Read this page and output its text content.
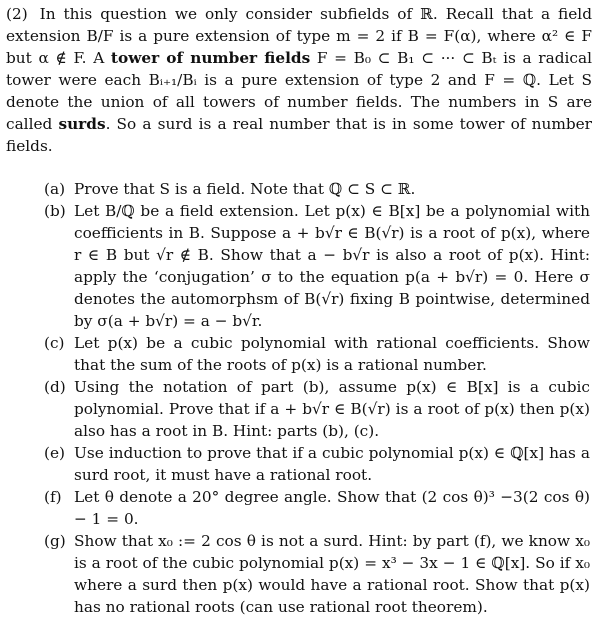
(2) In this question we only consider subfields of ℝ. Recall that a field extension B/F is a pure extension of type m = 2 if B = F(α), where α² ∈ F but α ∉ F. A tower of number fields F = B₀ ⊂ B₁ ⊂ ··· ⊂ Bₜ is a radical tower were each Bᵢ₊₁/Bᵢ is a pure extension of type 2 and F = ℚ. Let S denote the union of all towers of number fields. The numbers in S are called surds. So a surd is a real number that is in some tower of number fields.
(a) Prove that S is a field. Note that ℚ ⊂ S ⊂ ℝ.
(b) Let B/ℚ be a field extension. Let p(x) ∈ B[x] be a polynomial with coefficients in B. Suppose a + b√r ∈ B(√r) is a root of p(x), where r ∈ B but √r ∉ B. Show that a − b√r is also a root of p(x). Hint: apply the ‘conjugation’ σ to the equation p(a + b√r) = 0. Here σ denotes the automorphsm of B(√r) fixing B pointwise, determined by σ(a + b√r) = a − b√r.
(c) Let p(x) be a cubic polynomial with rational coefficients. Show that the sum of the roots of p(x) is a rational number.
(d) Using the notation of part (b), assume p(x) ∈ B[x] is a cubic polynomial. Prove that if a + b√r ∈ B(√r) is a root of p(x) then p(x) also has a root in B. Hint: parts (b), (c).
(e) Use induction to prove that if a cubic polynomial p(x) ∈ ℚ[x] has a surd root, it must have a rational root.
(f) Let θ denote a 20° degree angle. Show that (2 cos θ)³ −3(2 cos θ)− 1 = 0.
(g) Show that x₀ := 2 cos θ is not a surd. Hint: by part (f), we know x₀ is a root of the cubic polynomial p(x) = x³ − 3x − 1 ∈ ℚ[x]. So if x₀ where a surd then p(x) would have a rational root. Show that p(x) has no rational roots (can use rational root theorem).
